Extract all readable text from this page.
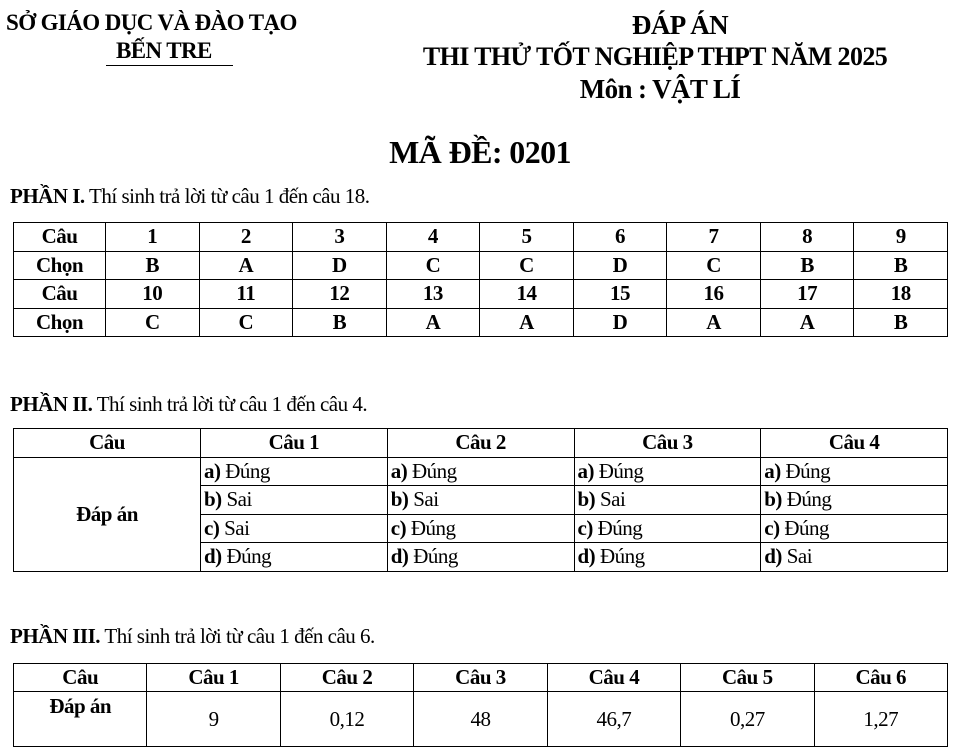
SỞ GIÁO DỤC VÀ ĐÀO TẠO
BẾN TRE
ĐÁP ÁN
THI THỬ TỐT NGHIỆP THPT NĂM 2025
Môn : VẬT LÍ
MÃ ĐỀ: 0201
PHẦN I. Thí sinh trả lời từ câu 1 đến câu 18.
Câu	1	2	3	4	5	6	7	8	9
Chọn	B	A	D	C	C	D	C	B	B
Câu	10	11	12	13	14	15	16	17	18
Chọn	C	C	B	A	A	D	A	A	B
PHẦN II. Thí sinh trả lời từ câu 1 đến câu 4.
Câu	Câu 1	Câu 2	Câu 3	Câu 4
Đáp án	a) Đúng	a) Đúng	a) Đúng	a) Đúng
	b) Sai	b) Sai	b) Sai	b) Đúng
	c) Sai	c) Đúng	c) Đúng	c) Đúng
	d) Đúng	d) Đúng	d) Đúng	d) Sai
PHẦN III. Thí sinh trả lời từ câu 1 đến câu 6.
Câu	Câu 1	Câu 2	Câu 3	Câu 4	Câu 5	Câu 6
Đáp án	9	0,12	48	46,7	0,27	1,27
